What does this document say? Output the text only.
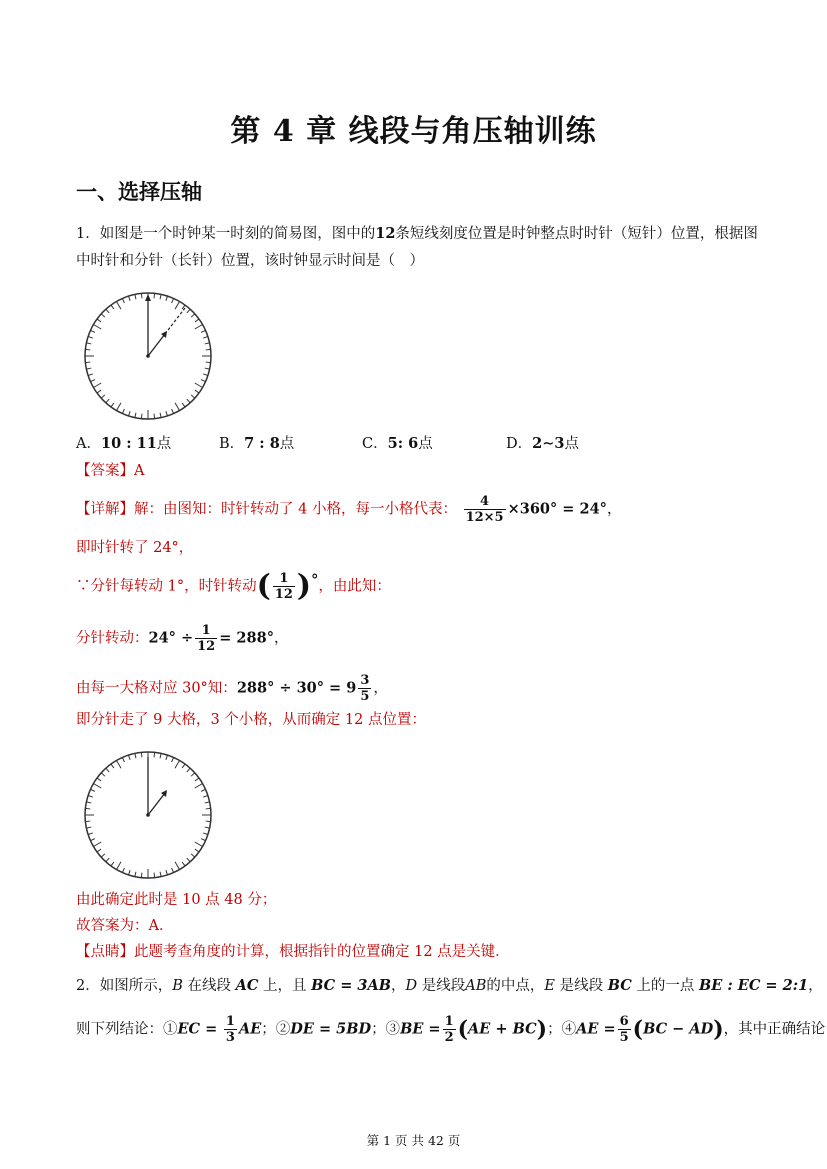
第 4 章 线段与角压轴训练
一、选择压轴
1．如图是一个时钟某一时刻的简易图，图中的12条短线刻度位置是时钟整点时时针（短针）位置，根据图
中时针和分针（长针）位置，该时钟显示时间是（　）
A．10 : 11点	B．7 : 8点	C．5: 6点	D．2∼3点
【答案】A
【详解】解：由图知：时针转动了 4 小格，每一小格代表： $\frac{4}{12\times 5} \times 360^\circ = 24^\circ$，
即时针转了 24°，
∵分针每转动 1°，时针转动( $\frac{1}{12}$ )°，由此知：
分针转动：$24^\circ \div \frac{1}{12} = 288^\circ$，
由每一大格对应 30°知：$288^\circ \div 30^\circ = 9 \frac{3}{5}$ ，
即分针走了 9 大格，3 个小格，从而确定 12 点位置：
由此确定此时是 10 点 48 分；
故答案为：A．
【点睛】此题考查角度的计算，根据指针的位置确定 12 点是关键．
2．如图所示，B 在线段 AC 上，且 BC = 3AB，D 是线段AB的中点，E 是线段 BC 上的一点 BE : EC = 2:1，
则下列结论：①EC = $\frac{1}{3}$ AE；②DE = 5BD；③BE = $\frac{1}{2} (AE + BC)$；④AE = $\frac{6}{5} (BC - AD)$，其中正确结论
第 1 页 共 42 页
